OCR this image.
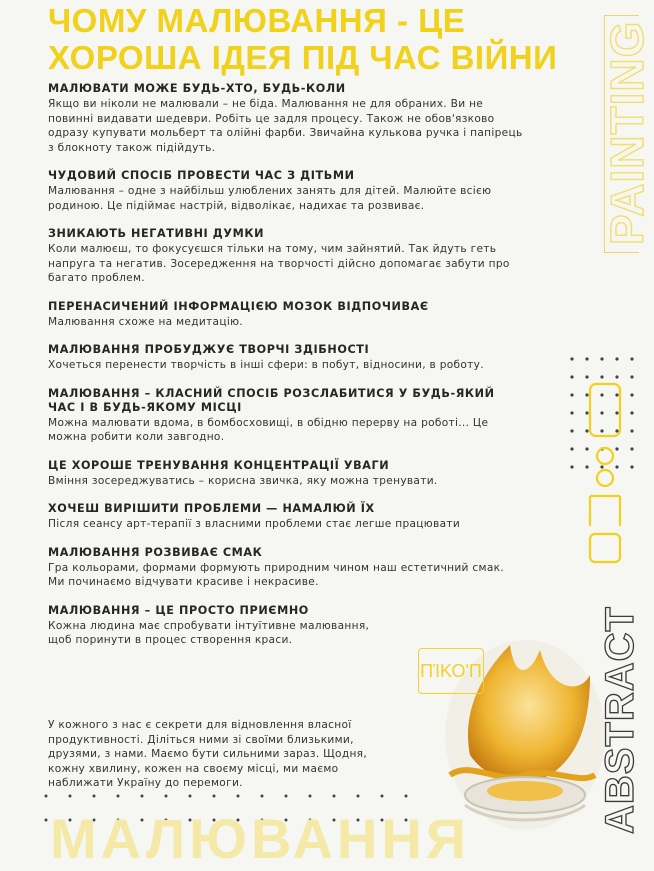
PAINTING
ЧОМУ МАЛЮВАННЯ - ЦЕ ХОРОША ІДЕЯ ПІД ЧАС ВІЙНИ

МАЛЮВАТИ МОЖЕ БУДЬ-ХТО, БУДЬ-КОЛИ

Якщо ви ніколи не малювали – не біда. Малювання не для обраних. Ви не повинні видавати шедеври. Робіть це задля процесу. Також не обов'язково одразу купувати мольберт та олійні фарби. Звичайна кулькова ручка і папірець з блокноту також підійдуть.

ЧУДОВИЙ СПОСІБ ПРОВЕСТИ ЧАС З ДІТЬМИ

Малювання – одне з найбільш улюблених занять для дітей. Малюйте всією родиною. Це підіймає настрій, відволікає, надихає та розвиває.

ЗНИКАЮТЬ НЕГАТИВНІ ДУМКИ

Коли малюєш, то фокусуєшся тільки на тому, чим зайнятий. Так йдуть геть напруга та негатив. Зосередження на творчості дійсно допомагає забути про багато проблем.

ПЕРЕНАСИЧЕНИЙ ІНФОРМАЦІЄЮ МОЗОК ВІДПОЧИВАЄ

Малювання схоже на медитацію.

МАЛЮВАННЯ ПРОБУДЖУЄ ТВОРЧІ ЗДІБНОСТІ

Хочеться перенести творчість в інші сфери: в побут, відносини, в роботу.

МАЛЮВАННЯ – КЛАСНИЙ СПОСІБ РОЗСЛАБИТИСЯ У БУДЬ-ЯКИЙ ЧАС І В БУДЬ-ЯКОМУ МІСЦІ

Можна малювати вдома, в бомбосховищі, в обідню перерву на роботі... Це можна робити коли завгодно.

ЦЕ ХОРОШЕ ТРЕНУВАННЯ КОНЦЕНТРАЦІЇ УВАГИ

Вміння зосереджуватись – корисна звичка, яку можна тренувати.

ХОЧЕШ ВИРІШИТИ ПРОБЛЕМИ — НАМАЛЮЙ ЇХ

Після сеансу арт-терапії з власними проблеми стає легше працювати

МАЛЮВАННЯ РОЗВИВАЄ СМАК

Гра кольорами, формами формують природним чином наш естетичний смак. Ми починаємо відчувати красиве і некрасиве.

МАЛЮВАННЯ – ЦЕ ПРОСТО ПРИЄМНО

Кожна людина має спробувати інтуїтивне малювання, щоб поринути в процес створення краси.

У кожного з нас є секрети для відновлення власної продуктивності. Діліться ними зі своїми близькими, друзями, з нами. Маємо бути сильними зараз. Щодня, кожну хвилину, кожен на своєму місці, ми маємо наближати Україну до перемоги.

ΠΊΚΟ'Π	ABSTRACT
МАЛЮВАННЯ
